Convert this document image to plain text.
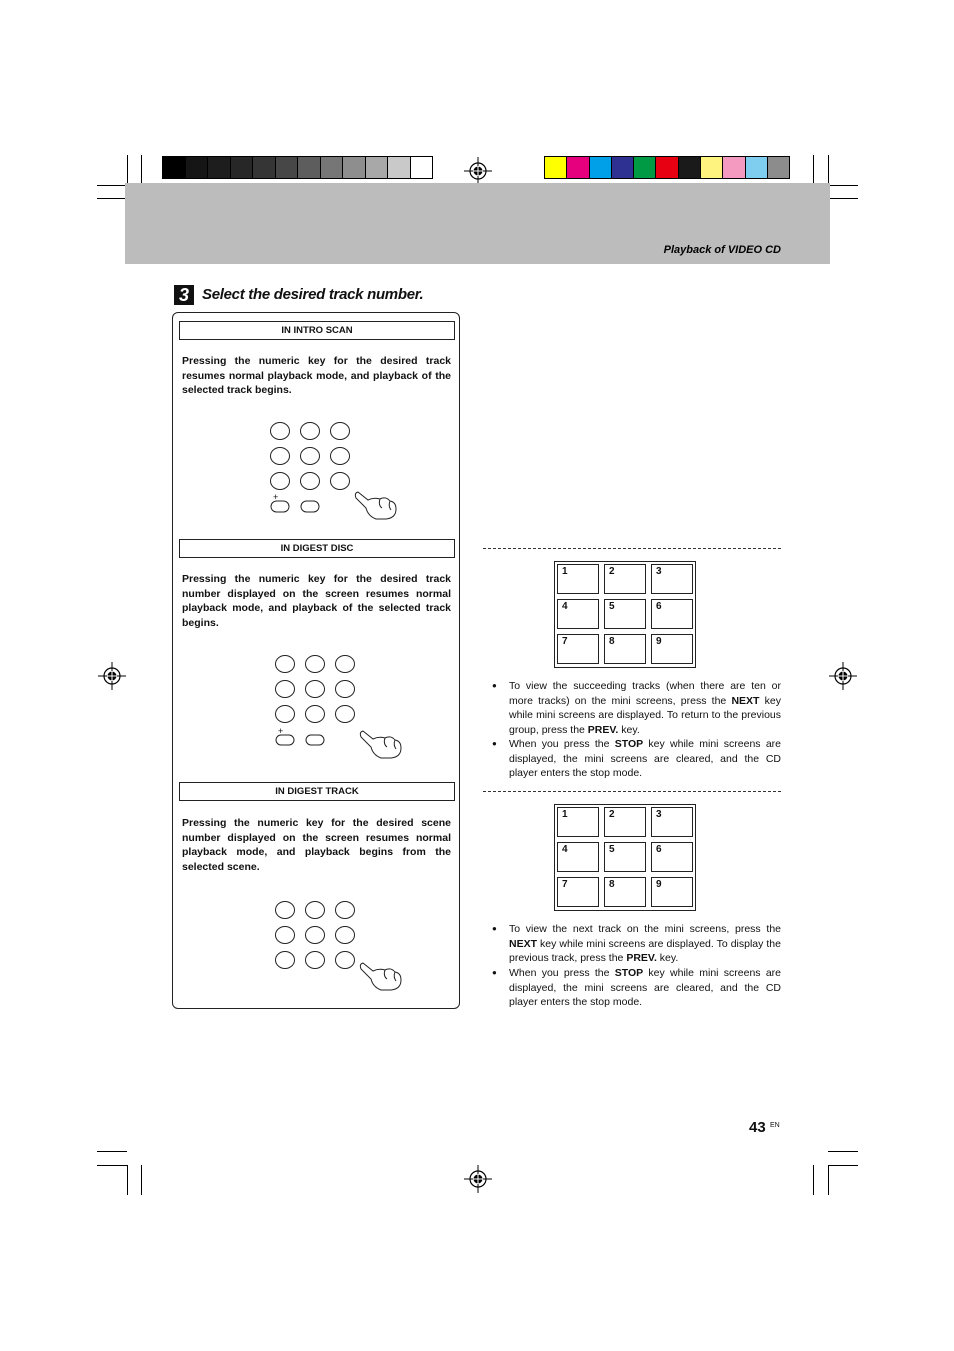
Playback of VIDEO CD
3 Select the desired track number.
IN INTRO SCAN
Pressing the numeric key for the desired track resumes normal playback mode, and playback of the selected track begins.
+
IN DIGEST DISC
Pressing the numeric key for the desired track number displayed on the screen resumes normal playback mode, and playback of the selected track begins.
+
IN DIGEST TRACK
Pressing the numeric key for the desired scene number displayed on the screen resumes normal playback mode, and playback begins from the selected scene.
1	2	3
4	5	6
7	8	9
● To view the succeeding tracks (when there are ten or more tracks) on the mini screens, press the NEXT key while mini screens are displayed. To return to the previous group, press the PREV. key.
● When you press the STOP key while mini screens are displayed, the mini screens are cleared, and the CD player enters the stop mode.
1	2	3
4	5	6
7	8	9
● To view the next track on the mini screens, press the NEXT key while mini screens are displayed. To display the previous track, press the PREV. key.
● When you press the STOP key while mini screens are displayed, the mini screens are cleared, and the CD player enters the stop mode.
43 EN
